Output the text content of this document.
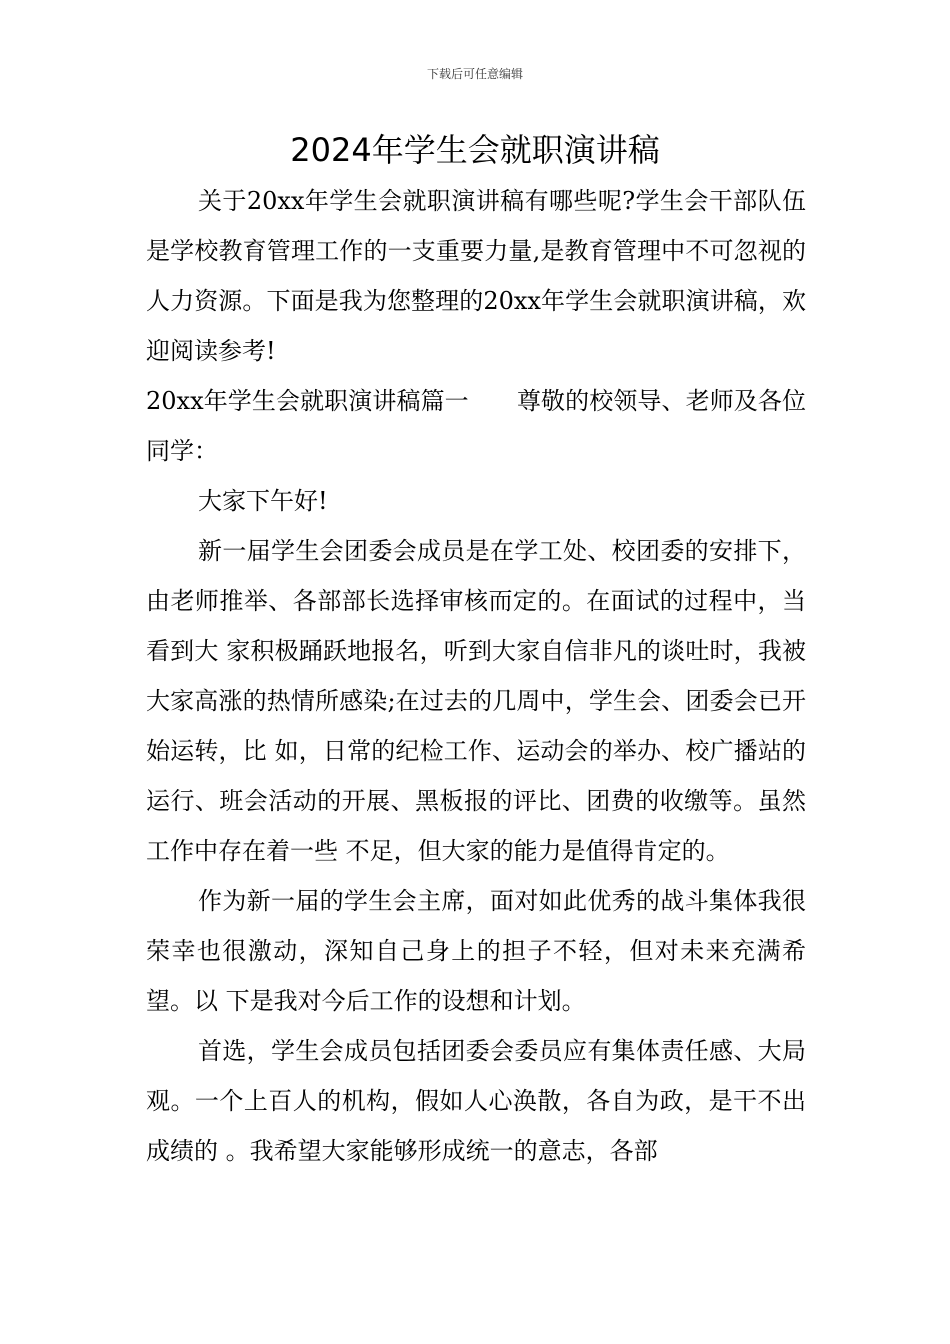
下载后可任意编辑
2024年学生会就职演讲稿

关于20xx年学生会就职演讲稿有哪些呢?学生会干部队伍是学校教育管理工作的一支重要力量,是教育管理中不可忽视的人力资源。下面是我为您整理的20xx年学生会就职演讲稿，欢迎阅读参考!

20xx年学生会就职演讲稿篇一　　尊敬的校领导、老师及各位同学：

大家下午好!

新一届学生会团委会成员是在学工处、校团委的安排下，由老师推举、各部部长选择审核而定的。在面试的过程中，当看到大 家积极踊跃地报名，听到大家自信非凡的谈吐时，我被大家高涨的热情所感染;在过去的几周中，学生会、团委会已开始运转，比 如，日常的纪检工作、运动会的举办、校广播站的运行、班会活动的开展、黑板报的评比、团费的收缴等。虽然工作中存在着一些 不足，但大家的能力是值得肯定的。

作为新一届的学生会主席，面对如此优秀的战斗集体我很荣幸也很激动，深知自己身上的担子不轻，但对未来充满希望。以 下是我对今后工作的设想和计划。

首选，学生会成员包括团委会委员应有集体责任感、大局观。一个上百人的机构，假如人心涣散，各自为政，是干不出成绩的 。我希望大家能够形成统一的意志，各部
